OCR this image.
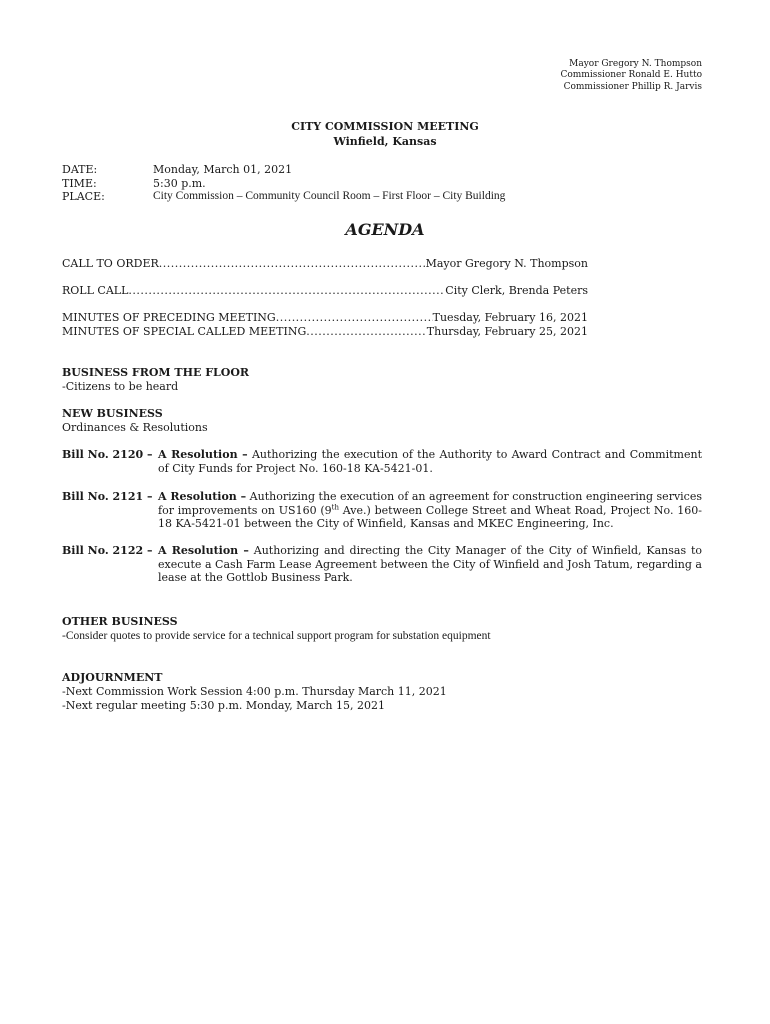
Mayor Gregory N. Thompson
Commissioner Ronald E. Hutto
Commissioner Phillip R. Jarvis
CITY COMMISSION MEETING
Winfield, Kansas
DATE:	Monday, March 01, 2021
TIME:	5:30 p.m.
PLACE:	City Commission – Community Council Room – First Floor – City Building
AGENDA
CALL TO ORDER .....	Mayor Gregory N. Thompson
ROLL CALL .....	City Clerk, Brenda Peters
MINUTES OF PRECEDING MEETING .....	Tuesday, February 16, 2021
MINUTES OF SPECIAL CALLED MEETING .....	Thursday, February 25, 2021
BUSINESS FROM THE FLOOR
-Citizens to be heard
NEW BUSINESS
Ordinances & Resolutions
Bill No. 2120 – A Resolution – Authorizing the execution of the Authority to Award Contract and Commitment of City Funds for Project No. 160-18 KA-5421-01.
Bill No. 2121 – A Resolution – Authorizing the execution of an agreement for construction engineering services for improvements on US160 (9th Ave.) between College Street and Wheat Road, Project No. 160-18 KA-5421-01 between the City of Winfield, Kansas and MKEC Engineering, Inc.
Bill No. 2122 – A Resolution – Authorizing and directing the City Manager of the City of Winfield, Kansas to execute a Cash Farm Lease Agreement between the City of Winfield and Josh Tatum, regarding a lease at the Gottlob Business Park.
OTHER BUSINESS
-Consider quotes to provide service for a technical support program for substation equipment
ADJOURNMENT
-Next Commission Work Session 4:00 p.m. Thursday March 11, 2021
-Next regular meeting 5:30 p.m. Monday, March 15, 2021
